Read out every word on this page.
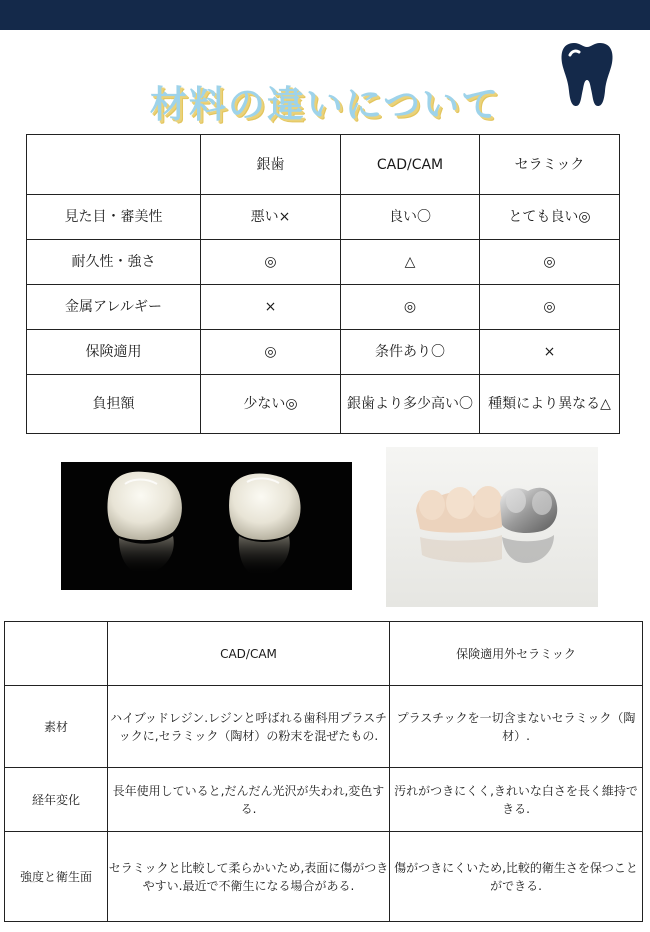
材料の違いについて
	銀歯	CAD/CAM	セラミック
見た目・審美性	悪い×	良い〇	とても良い◎
耐久性・強さ	◎	△	◎
金属アレルギー	×	◎	◎
保険適用	◎	条件あり〇	×
負担額	少ない◎	銀歯より多少高い〇	種類により異なる△
	CAD/CAM	保険適用外セラミック
素材	ハイブッドレジン.レジンと呼ばれる歯科用プラスチックに,セラミック（陶材）の粉末を混ぜたもの.	プラスチックを一切含まないセラミック（陶材）.
経年変化	長年使用していると,だんだん光沢が失われ,変色する.	汚れがつきにくく,きれいな白さを長く維持できる.
強度と衛生面	セラミックと比較して柔らかいため,表面に傷がつきやすい.最近で不衛生になる場合がある.	傷がつきにくいため,比較的衛生さを保つことができる.
